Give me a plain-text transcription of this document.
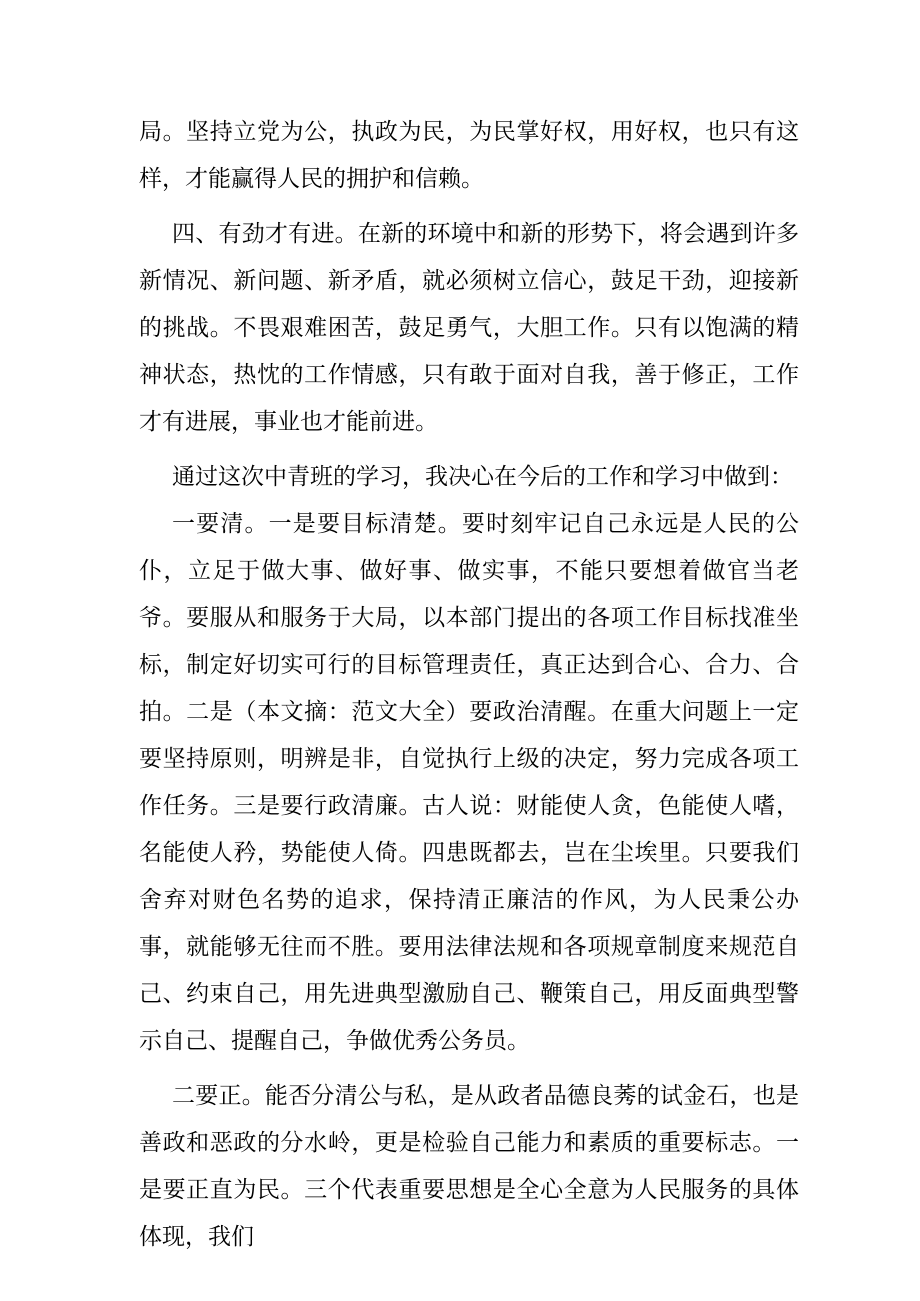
局。坚持立党为公，执政为民，为民掌好权，用好权，也只有这样，才能赢得人民的拥护和信赖。

四、有劲才有进。在新的环境中和新的形势下，将会遇到许多新情况、新问题、新矛盾，就必须树立信心，鼓足干劲，迎接新的挑战。不畏艰难困苦，鼓足勇气，大胆工作。只有以饱满的精神状态，热忱的工作情感，只有敢于面对自我，善于修正，工作才有进展，事业也才能前进。

通过这次中青班的学习，我决心在今后的工作和学习中做到：

一要清。一是要目标清楚。要时刻牢记自己永远是人民的公仆，立足于做大事、做好事、做实事，不能只要想着做官当老爷。要服从和服务于大局，以本部门提出的各项工作目标找准坐标，制定好切实可行的目标管理责任，真正达到合心、合力、合拍。二是（本文摘：范文大全）要政治清醒。在重大问题上一定要坚持原则，明辨是非，自觉执行上级的决定，努力完成各项工作任务。三是要行政清廉。古人说：财能使人贪，色能使人嗜，名能使人矜，势能使人倚。四患既都去，岂在尘埃里。只要我们舍弃对财色名势的追求，保持清正廉洁的作风，为人民秉公办事，就能够无往而不胜。要用法律法规和各项规章制度来规范自己、约束自己，用先进典型激励自己、鞭策自己，用反面典型警示自己、提醒自己，争做优秀公务员。

二要正。能否分清公与私，是从政者品德良莠的试金石，也是善政和恶政的分水岭，更是检验自己能力和素质的重要标志。一是要正直为民。三个代表重要思想是全心全意为人民服务的具体体现，我们
